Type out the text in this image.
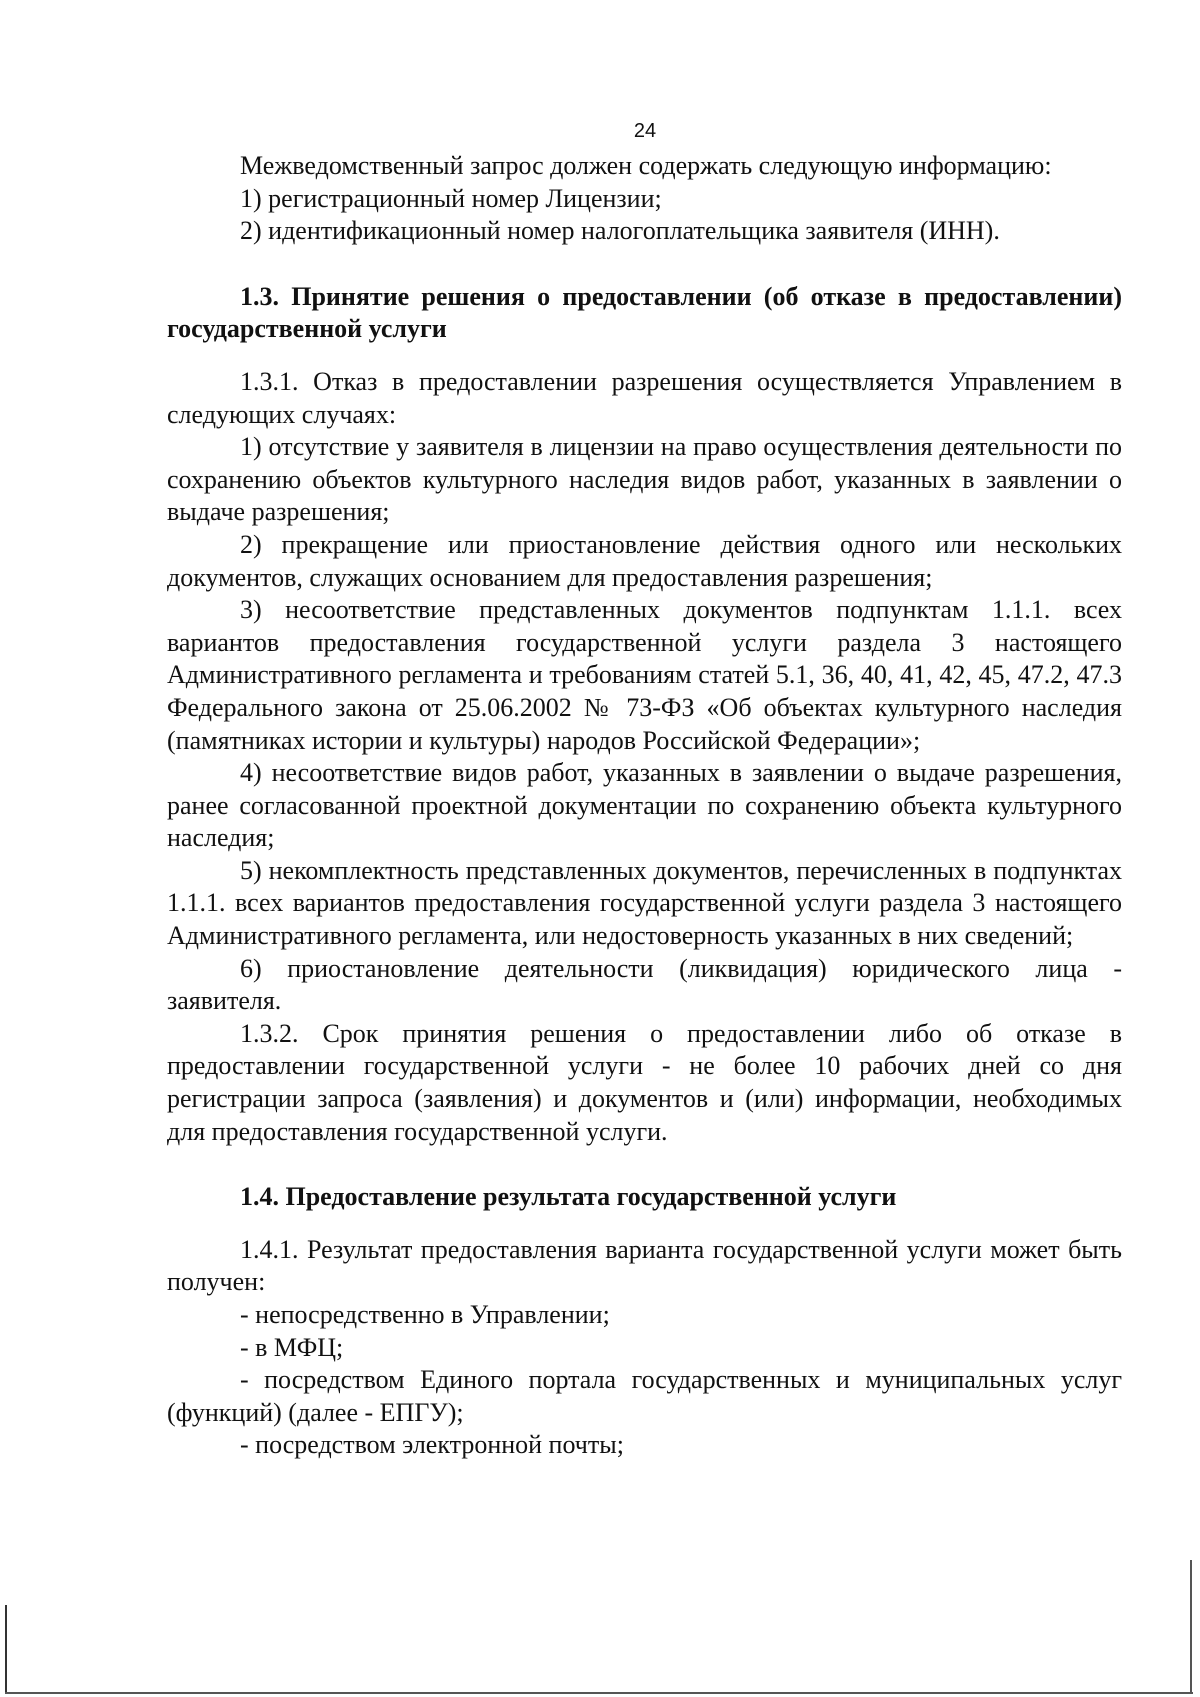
24

Межведомственный запрос должен содержать следующую информацию:

1) регистрационный номер Лицензии;

2) идентификационный номер налогоплательщика заявителя (ИНН).

1.3. Принятие решения о предоставлении (об отказе в предоставлении) государственной услуги

1.3.1. Отказ в предоставлении разрешения осуществляется Управлением в следующих случаях:

1) отсутствие у заявителя в лицензии на право осуществления деятельности по сохранению объектов культурного наследия видов работ, указанных в заявлении о выдаче разрешения;

2) прекращение или приостановление действия одного или нескольких документов, служащих основанием для предоставления разрешения;

3) несоответствие представленных документов подпунктам 1.1.1. всех вариантов предоставления государственной услуги раздела 3 настоящего Административного регламента и требованиям статей 5.1, 36, 40, 41, 42, 45, 47.2, 47.3 Федерального закона от 25.06.2002 № 73-ФЗ «Об объектах культурного наследия (памятниках истории и культуры) народов Российской Федерации»;

4) несоответствие видов работ, указанных в заявлении о выдаче разрешения, ранее согласованной проектной документации по сохранению объекта культурного наследия;

5) некомплектность представленных документов, перечисленных в подпунктах 1.1.1. всех вариантов предоставления государственной услуги раздела 3 настоящего Административного регламента, или недостоверность указанных в них сведений;

6) приостановление деятельности (ликвидация) юридического лица - заявителя.

1.3.2. Срок принятия решения о предоставлении либо об отказе в предоставлении государственной услуги - не более 10 рабочих дней со дня регистрации запроса (заявления) и документов и (или) информации, необходимых для предоставления государственной услуги.

1.4. Предоставление результата государственной услуги

1.4.1. Результат предоставления варианта государственной услуги может быть получен:

- непосредственно в Управлении;

- в МФЦ;

- посредством Единого портала государственных и муниципальных услуг (функций) (далее - ЕПГУ);

- посредством электронной почты;
